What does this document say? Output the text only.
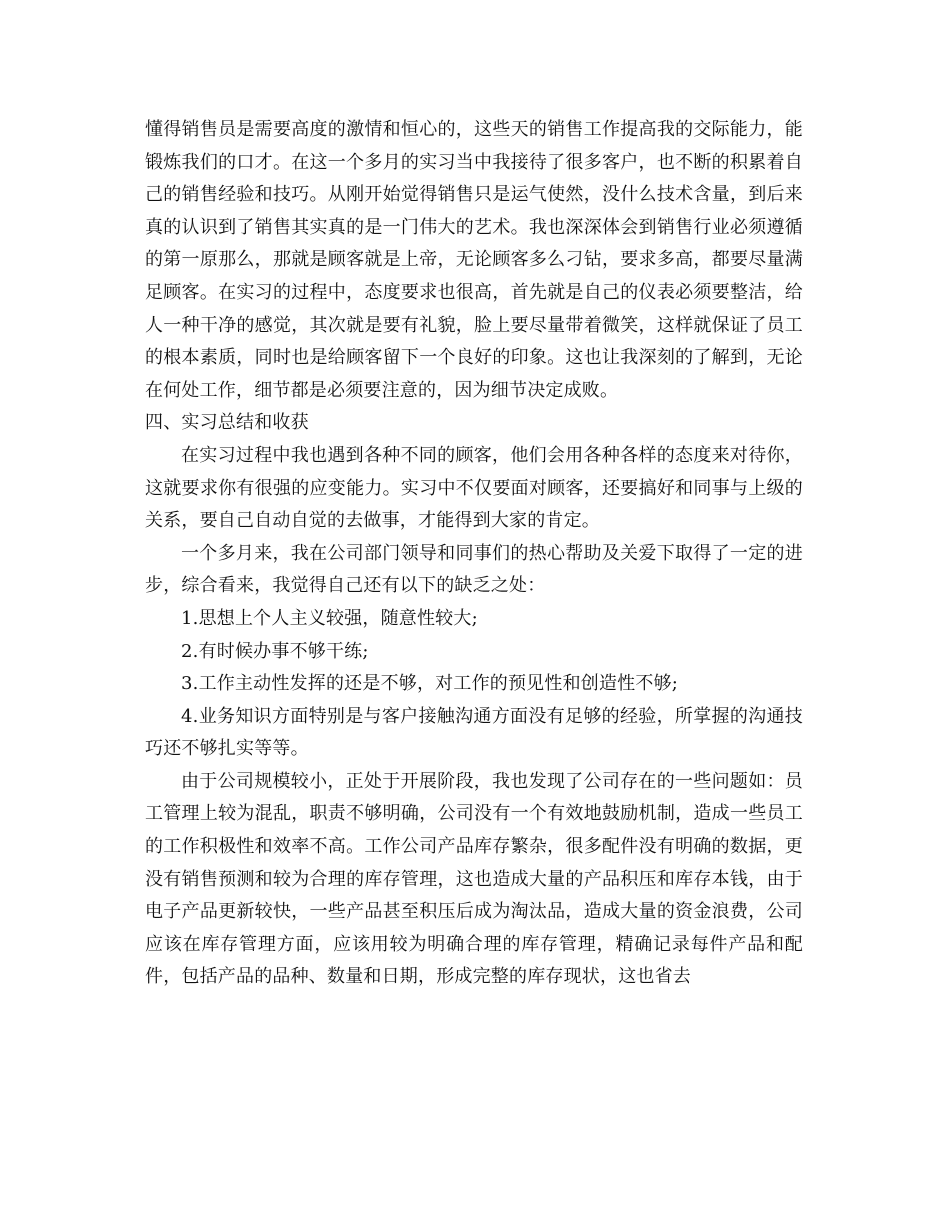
懂得销售员是需要高度的激情和恒心的，这些天的销售工作提高我的交际能力，能锻炼我们的口才。在这一个多月的实习当中我接待了很多客户，也不断的积累着自己的销售经验和技巧。从刚开始觉得销售只是运气使然，没什么技术含量，到后来真的认识到了销售其实真的是一门伟大的艺术。我也深深体会到销售行业必须遵循的第一原那么，那就是顾客就是上帝，无论顾客多么刁钻，要求多高，都要尽量满足顾客。在实习的过程中，态度要求也很高，首先就是自己的仪表必须要整洁，给人一种干净的感觉，其次就是要有礼貌，脸上要尽量带着微笑，这样就保证了员工的根本素质，同时也是给顾客留下一个良好的印象。这也让我深刻的了解到，无论在何处工作，细节都是必须要注意的，因为细节决定成败。

四、实习总结和收获

在实习过程中我也遇到各种不同的顾客，他们会用各种各样的态度来对待你，这就要求你有很强的应变能力。实习中不仅要面对顾客，还要搞好和同事与上级的关系，要自己自动自觉的去做事，才能得到大家的肯定。

一个多月来，我在公司部门领导和同事们的热心帮助及关爱下取得了一定的进步，综合看来，我觉得自己还有以下的缺乏之处：

1.思想上个人主义较强，随意性较大;

2.有时候办事不够干练;

3.工作主动性发挥的还是不够，对工作的预见性和创造性不够;

4.业务知识方面特别是与客户接触沟通方面没有足够的经验，所掌握的沟通技巧还不够扎实等等。

由于公司规模较小，正处于开展阶段，我也发现了公司存在的一些问题如：员工管理上较为混乱，职责不够明确，公司没有一个有效地鼓励机制，造成一些员工的工作积极性和效率不高。工作公司产品库存繁杂，很多配件没有明确的数据，更没有销售预测和较为合理的库存管理，这也造成大量的产品积压和库存本钱，由于电子产品更新较快，一些产品甚至积压后成为淘汰品，造成大量的资金浪费，公司应该在库存管理方面，应该用较为明确合理的库存管理，精确记录每件产品和配件，包括产品的品种、数量和日期，形成完整的库存现状，这也省去
